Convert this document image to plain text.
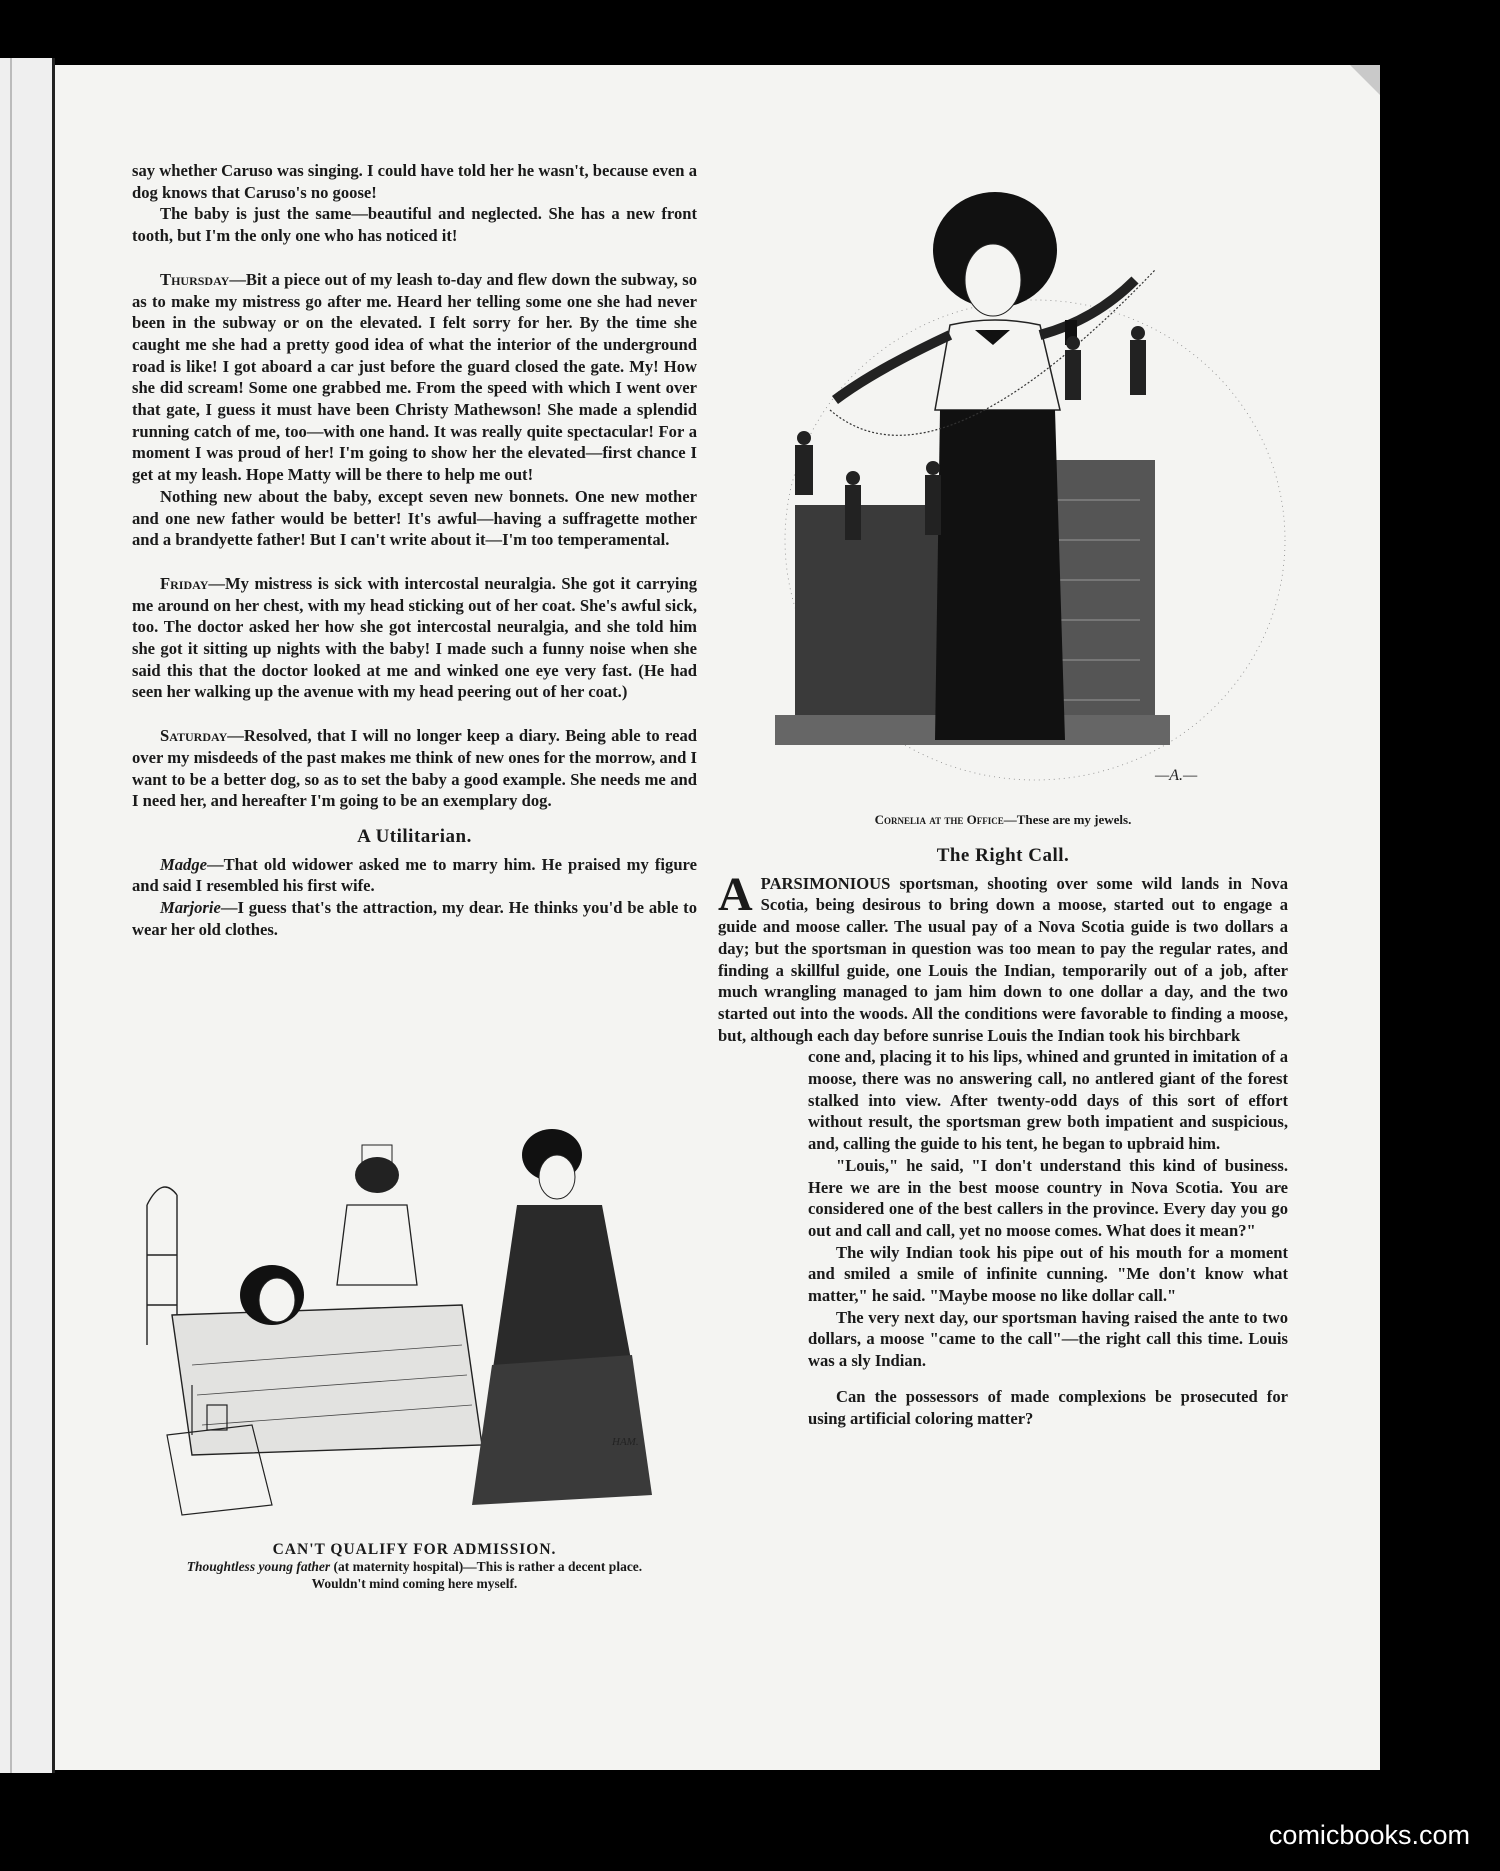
say whether Caruso was singing. I could have told her he wasn't, because even a dog knows that Caruso's no goose!

The baby is just the same—beautiful and neglected. She has a new front tooth, but I'm the only one who has noticed it!

Thursday—Bit a piece out of my leash to-day and flew down the subway, so as to make my mistress go after me. Heard her telling some one she had never been in the subway or on the elevated. I felt sorry for her. By the time she caught me she had a pretty good idea of what the interior of the underground road is like! I got aboard a car just before the guard closed the gate. My! How she did scream! Some one grabbed me. From the speed with which I went over that gate, I guess it must have been Christy Mathewson! She made a splendid running catch of me, too—with one hand. It was really quite spectacular! For a moment I was proud of her! I'm going to show her the elevated—first chance I get at my leash. Hope Matty will be there to help me out!

Nothing new about the baby, except seven new bonnets. One new mother and one new father would be better! It's awful—having a suffragette mother and a brandyette father! But I can't write about it—I'm too temperamental.

Friday—My mistress is sick with intercostal neuralgia. She got it carrying me around on her chest, with my head sticking out of her coat. She's awful sick, too. The doctor asked her how she got intercostal neuralgia, and she told him she got it sitting up nights with the baby! I made such a funny noise when she said this that the doctor looked at me and winked one eye very fast. (He had seen her walking up the avenue with my head peering out of her coat.)

Saturday—Resolved, that I will no longer keep a diary. Being able to read over my misdeeds of the past makes me think of new ones for the morrow, and I want to be a better dog, so as to set the baby a good example. She needs me and I need her, and hereafter I'm going to be an exemplary dog.

A Utilitarian.

Madge—That old widower asked me to marry him. He praised my figure and said I resembled his first wife.

Marjorie—I guess that's the attraction, my dear. He thinks you'd be able to wear her old clothes.

—A.—
Cornelia at the Office—These are my jewels.
The Right Call.

APARSIMONIOUS sportsman, shooting over some wild lands in Nova Scotia, being desirous to bring down a moose, started out to engage a guide and moose caller. The usual pay of a Nova Scotia guide is two dollars a day; but the sportsman in question was too mean to pay the regular rates, and finding a skillful guide, one Louis the Indian, temporarily out of a job, after much wrangling managed to jam him down to one dollar a day, and the two started out into the woods. All the conditions were favorable to finding a moose, but, although each day before sunrise Louis the Indian took his birchbark

cone and, placing it to his lips, whined and grunted in imitation of a moose, there was no answering call, no antlered giant of the forest stalked into view. After twenty-odd days of this sort of effort without result, the sportsman grew both impatient and suspicious, and, calling the guide to his tent, he began to upbraid him.

"Louis," he said, "I don't understand this kind of business. Here we are in the best moose country in Nova Scotia. You are considered one of the best callers in the province. Every day you go out and call and call, yet no moose comes. What does it mean?"

The wily Indian took his pipe out of his mouth for a moment and smiled a smile of infinite cunning. "Me don't know what matter," he said. "Maybe moose no like dollar call."

The very next day, our sportsman having raised the ante to two dollars, a moose "came to the call"—the right call this time. Louis was a sly Indian.

Can the possessors of made complexions be prosecuted for using artificial coloring matter?

HAM.
CAN'T QUALIFY FOR ADMISSION.
Thoughtless young father (at maternity hospital)—This is rather a decent place.
Wouldn't mind coming here myself.
comicbooks.com
